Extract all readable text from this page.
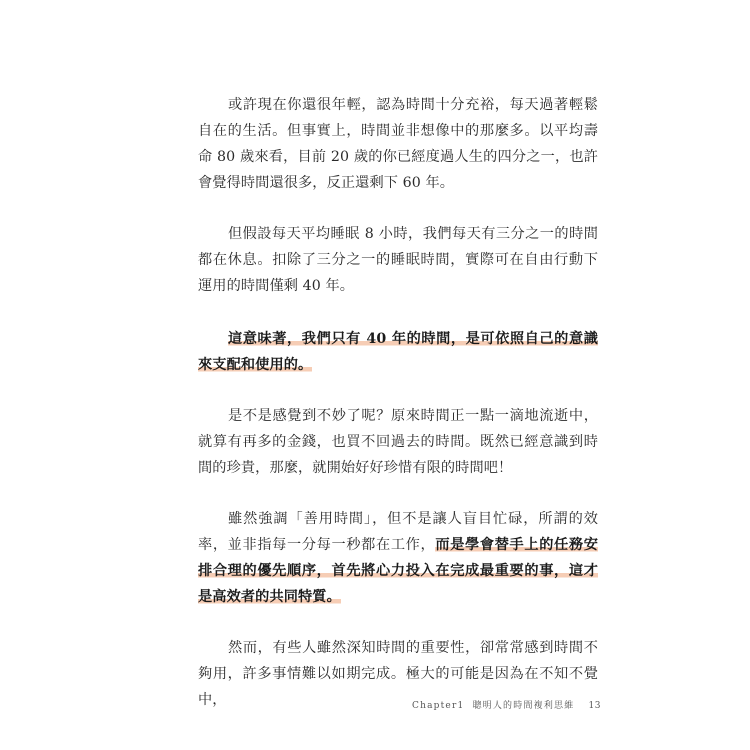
或許現在你還很年輕，認為時間十分充裕，每天過著輕鬆自在的生活。但事實上，時間並非想像中的那麼多。以平均壽命 80 歲來看，目前 20 歲的你已經度過人生的四分之一，也許會覺得時間還很多，反正還剩下 60 年。

但假設每天平均睡眠 8 小時，我們每天有三分之一的時間都在休息。扣除了三分之一的睡眠時間，實際可在自由行動下運用的時間僅剩 40 年。

這意味著，我們只有 40 年的時間，是可依照自己的意識來支配和使用的。

是不是感覺到不妙了呢？原來時間正一點一滴地流逝中，就算有再多的金錢，也買不回過去的時間。既然已經意識到時間的珍貴，那麼，就開始好好珍惜有限的時間吧！

雖然強調「善用時間」，但不是讓人盲目忙碌，所謂的效率，並非指每一分每一秒都在工作，而是學會替手上的任務安排合理的優先順序，首先將心力投入在完成最重要的事，這才是高效者的共同特質。

然而，有些人雖然深知時間的重要性，卻常常感到時間不夠用，許多事情難以如期完成。極大的可能是因為在不知不覺中，	Chapter1 聰明人的時間複利思維 13
